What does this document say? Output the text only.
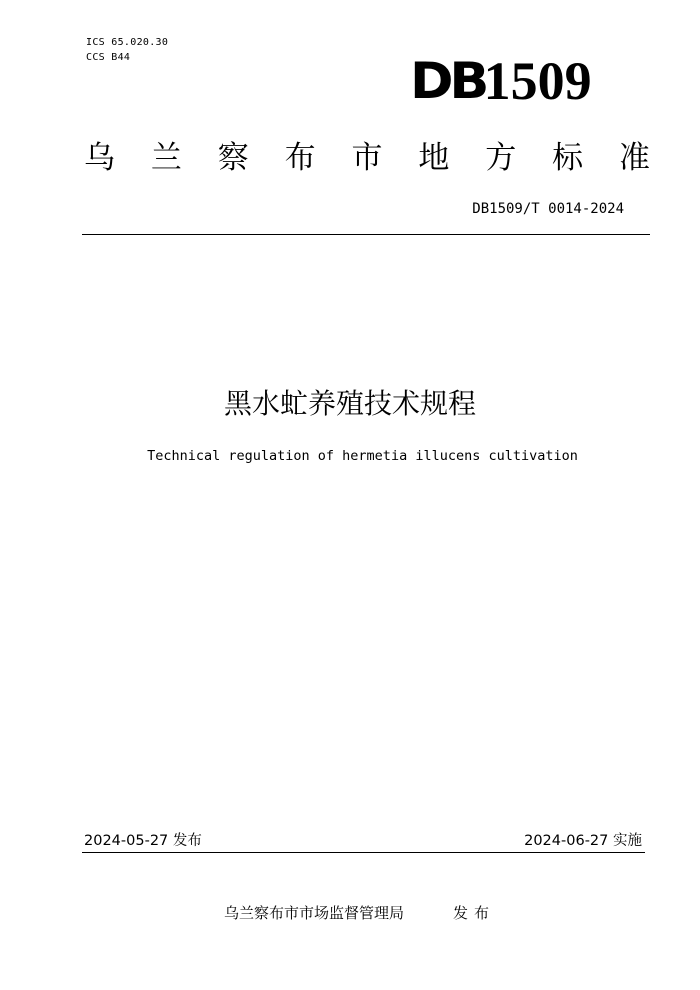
ICS 65.020.30
CCS B44	DB
1509
乌 兰 察 布 市 地 方 标 准
DB1509/T 0014-2024
黑水虻养殖技术规程
Technical regulation of hermetia illucens cultivation
2024-05-27 发布	2024-06-27 实施
乌兰察布市市场监督管理局	发布
